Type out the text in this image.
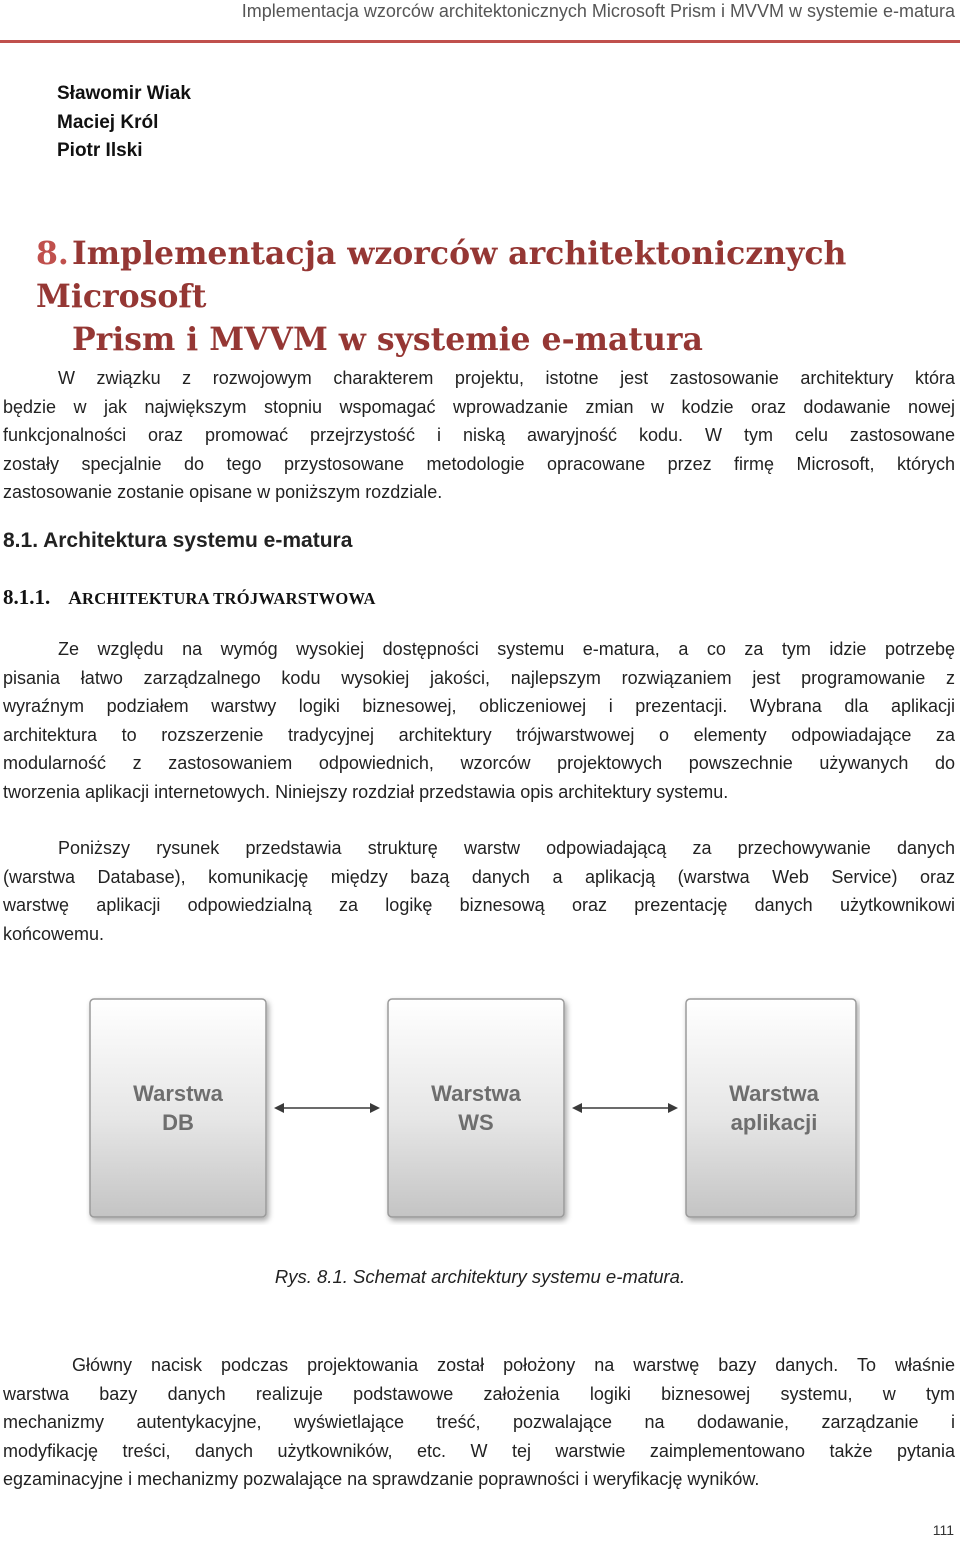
Implementacja wzorców architektonicznych Microsoft Prism i MVVM w systemie e-matura
Sławomir Wiak
Maciej Król
Piotr Ilski
8.Implementacja wzorców architektonicznych Microsoft
Prism i MVVM w systemie e-matura
W związku z rozwojowym charakterem projektu, istotne jest zastosowanie architektury która
będzie w jak największym stopniu wspomagać wprowadzanie zmian w kodzie oraz dodawanie nowej
funkcjonalności oraz promować przejrzystość i niską awaryjność kodu. W tym celu zastosowane
zostały specjalnie do tego przystosowane metodologie opracowane przez firmę Microsoft, których
zastosowanie zostanie opisane w poniższym rozdziale.
8.1. Architektura systemu e-matura
8.1.1. ARCHITEKTURA TRÓJWARSTWOWA
Ze względu na wymóg wysokiej dostępności systemu e-matura, a co za tym idzie potrzebę
pisania łatwo zarządzalnego kodu wysokiej jakości, najlepszym rozwiązaniem jest programowanie z
wyraźnym podziałem warstwy logiki biznesowej, obliczeniowej i prezentacji. Wybrana dla aplikacji
architektura to rozszerzenie tradycyjnej architektury trójwarstwowej o elementy odpowiadające za
modularność z zastosowaniem odpowiednich, wzorców projektowych powszechnie używanych do
tworzenia aplikacji internetowych. Niniejszy rozdział przedstawia opis architektury systemu.
Poniższy rysunek przedstawia strukturę warstw odpowiadającą za przechowywanie danych
(warstwa Database), komunikację między bazą danych a aplikacją (warstwa Web Service) oraz
warstwę aplikacji odpowiedzialną za logikę biznesową oraz prezentację danych użytkownikowi
końcowemu.
Warstwa
DB
Warstwa
WS
Warstwa
aplikacji
Rys. 8.1. Schemat architektury systemu e-matura.
Główny nacisk podczas projektowania został położony na warstwę bazy danych. To właśnie
warstwa bazy danych realizuje podstawowe założenia logiki biznesowej systemu, w tym
mechanizmy autentykacyjne, wyświetlające treść, pozwalające na dodawanie, zarządzanie i
modyfikację treści, danych użytkowników, etc. W tej warstwie zaimplementowano także pytania
egzaminacyjne i mechanizmy pozwalające na sprawdzanie poprawności i weryfikację wyników.
111
